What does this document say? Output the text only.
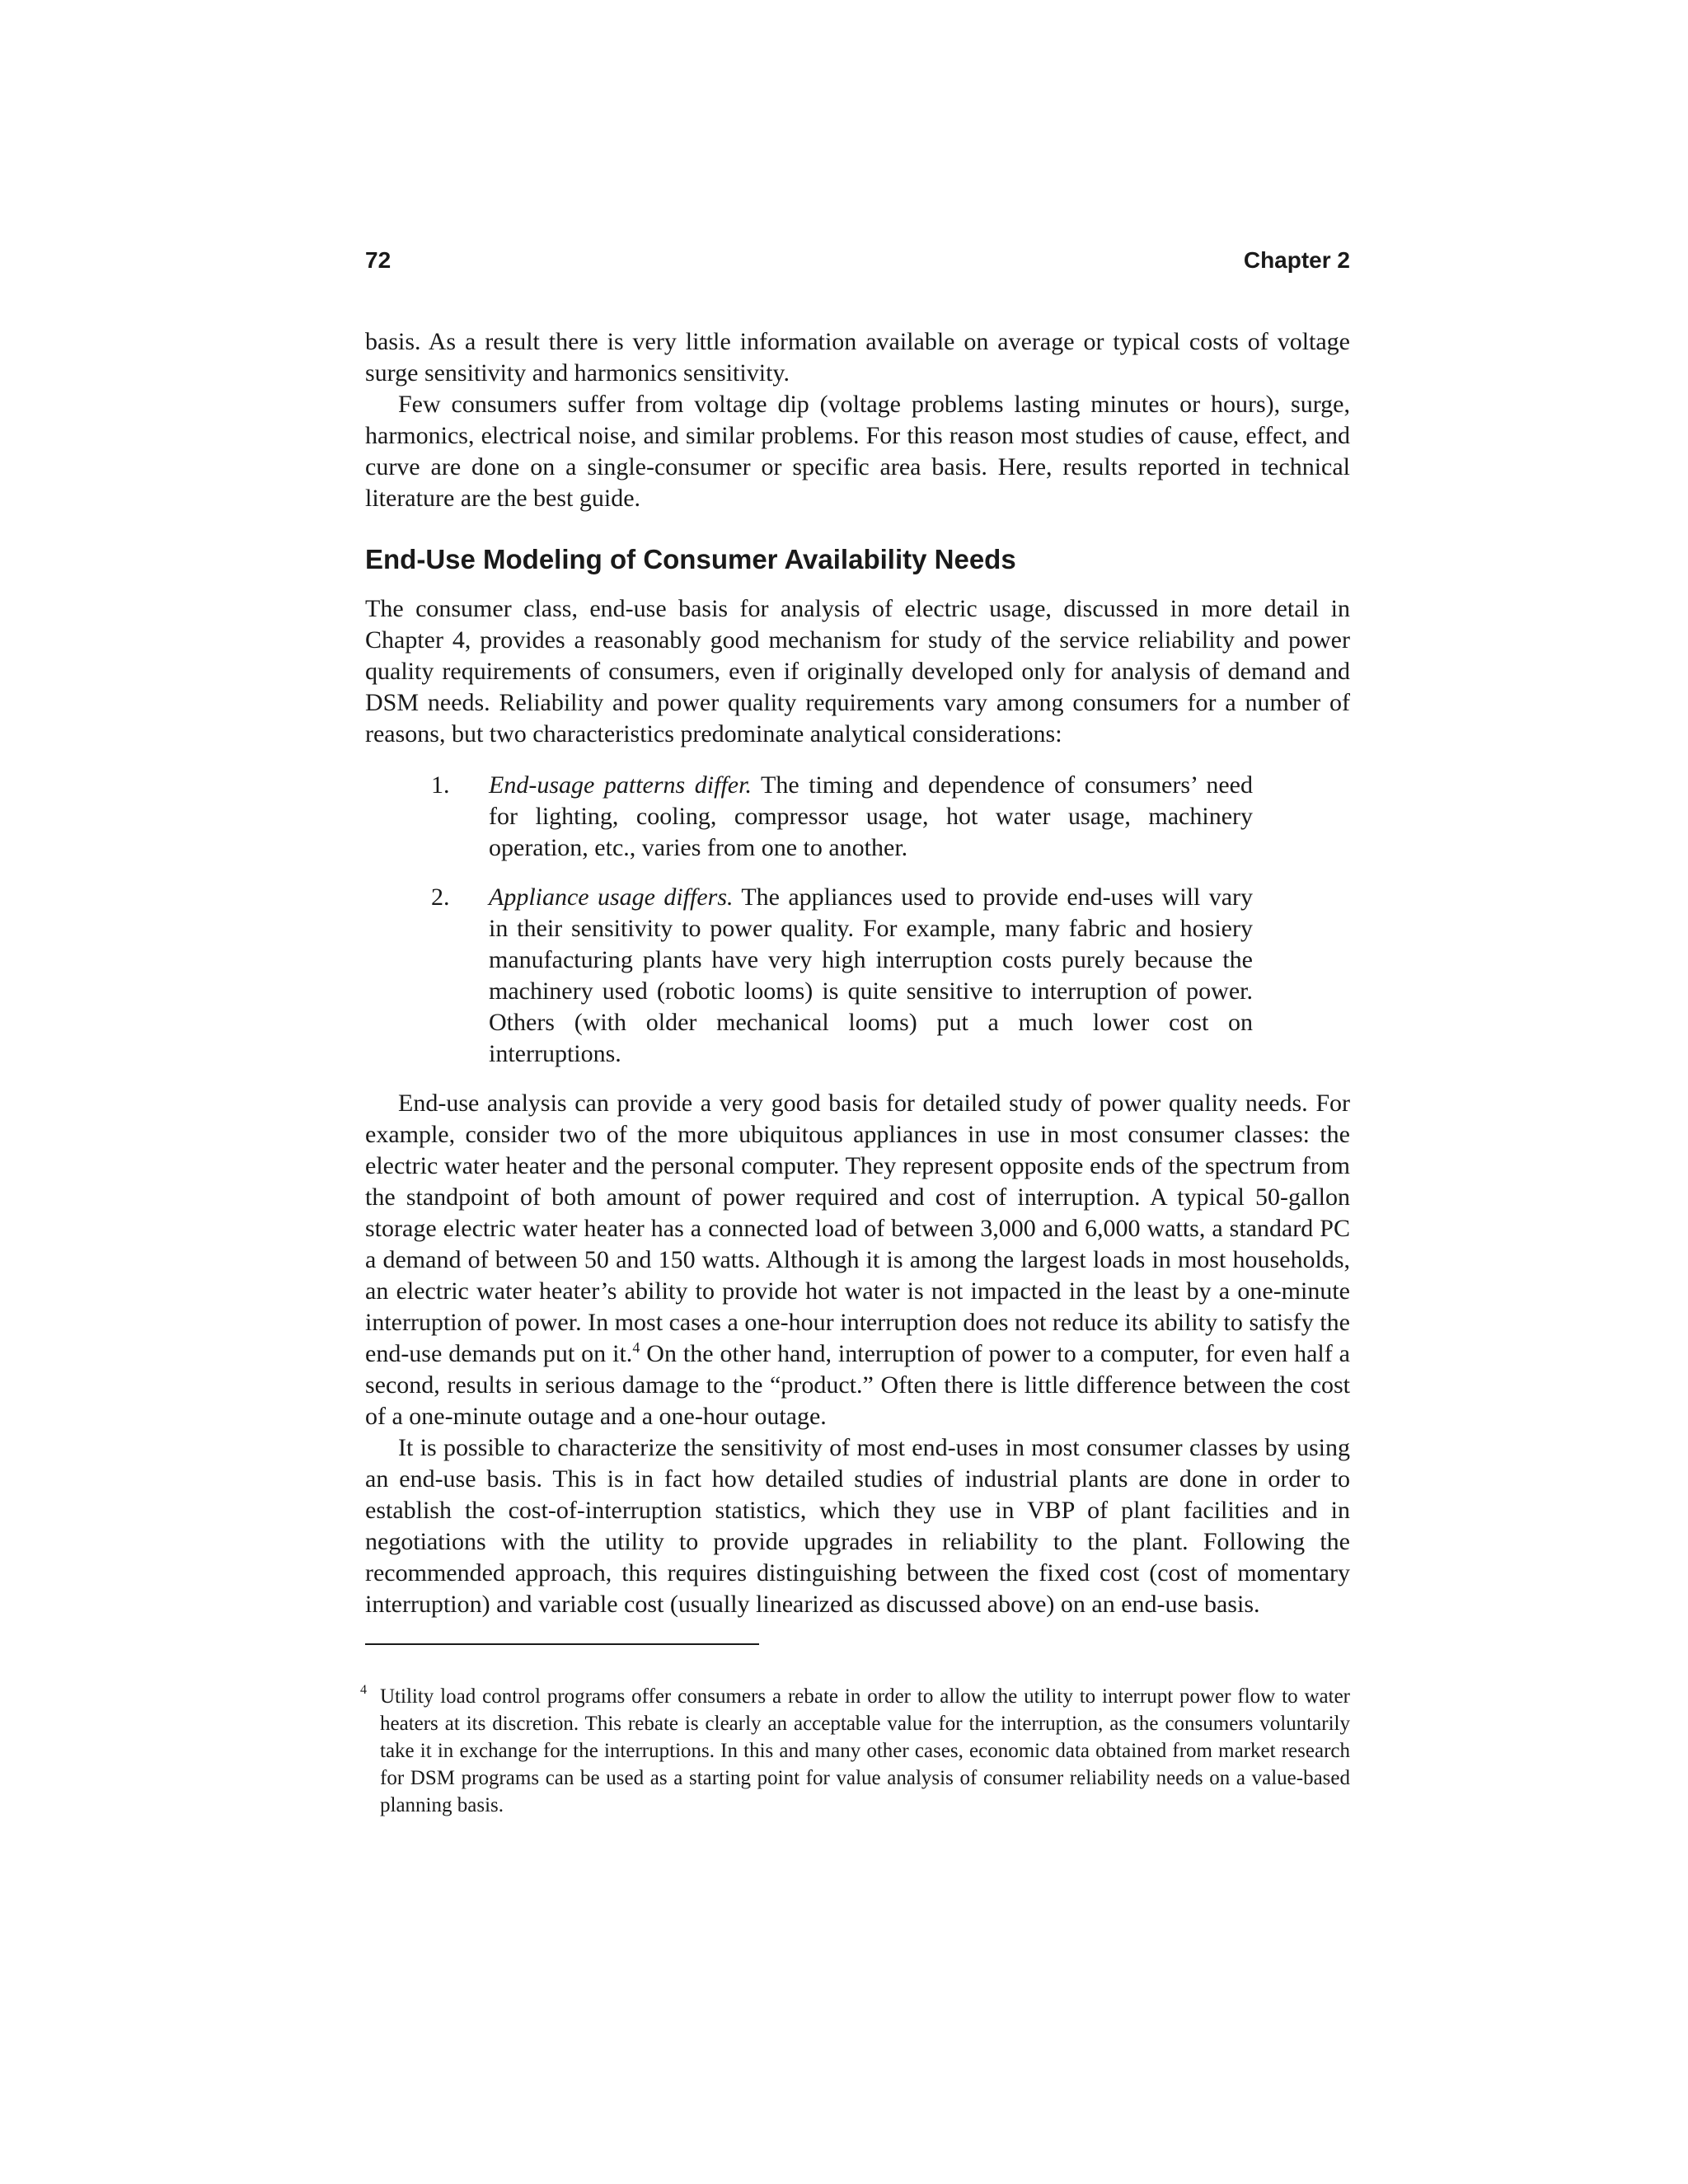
72	Chapter 2

basis. As a result there is very little information available on average or typical costs of voltage surge sensitivity and harmonics sensitivity.

Few consumers suffer from voltage dip (voltage problems lasting minutes or hours), surge, harmonics, electrical noise, and similar problems. For this reason most studies of cause, effect, and curve are done on a single-consumer or specific area basis. Here, results reported in technical literature are the best guide.

End-Use Modeling of Consumer Availability Needs

The consumer class, end-use basis for analysis of electric usage, discussed in more detail in Chapter 4, provides a reasonably good mechanism for study of the service reliability and power quality requirements of consumers, even if originally developed only for analysis of demand and DSM needs. Reliability and power quality requirements vary among consumers for a number of reasons, but two characteristics predominate analytical considerations:

1. End-usage patterns differ. The timing and dependence of consumers’ need for lighting, cooling, compressor usage, hot water usage, machinery operation, etc., varies from one to another.
2. Appliance usage differs. The appliances used to provide end-uses will vary in their sensitivity to power quality. For example, many fabric and hosiery manufacturing plants have very high interruption costs purely because the machinery used (robotic looms) is quite sensitive to interruption of power. Others (with older mechanical looms) put a much lower cost on interruptions.

End-use analysis can provide a very good basis for detailed study of power quality needs. For example, consider two of the more ubiquitous appliances in use in most consumer classes: the electric water heater and the personal computer. They represent opposite ends of the spectrum from the standpoint of both amount of power required and cost of interruption. A typical 50-gallon storage electric water heater has a connected load of between 3,000 and 6,000 watts, a standard PC a demand of between 50 and 150 watts. Although it is among the largest loads in most households, an electric water heater’s ability to provide hot water is not impacted in the least by a one-minute interruption of power. In most cases a one-hour interruption does not reduce its ability to satisfy the end-use demands put on it.$^4$ On the other hand, interruption of power to a computer, for even half a second, results in serious damage to the “product.” Often there is little difference between the cost of a one-minute outage and a one-hour outage.

It is possible to characterize the sensitivity of most end-uses in most consumer classes by using an end-use basis. This is in fact how detailed studies of industrial plants are done in order to establish the cost-of-interruption statistics, which they use in VBP of plant facilities and in negotiations with the utility to provide upgrades in reliability to the plant. Following the recommended approach, this requires distinguishing between the fixed cost (cost of momentary interruption) and variable cost (usually linearized as discussed above) on an end-use basis.

4 Utility load control programs offer consumers a rebate in order to allow the utility to interrupt power flow to water heaters at its discretion. This rebate is clearly an acceptable value for the interruption, as the consumers voluntarily take it in exchange for the interruptions. In this and many other cases, economic data obtained from market research for DSM programs can be used as a starting point for value analysis of consumer reliability needs on a value-based planning basis.
